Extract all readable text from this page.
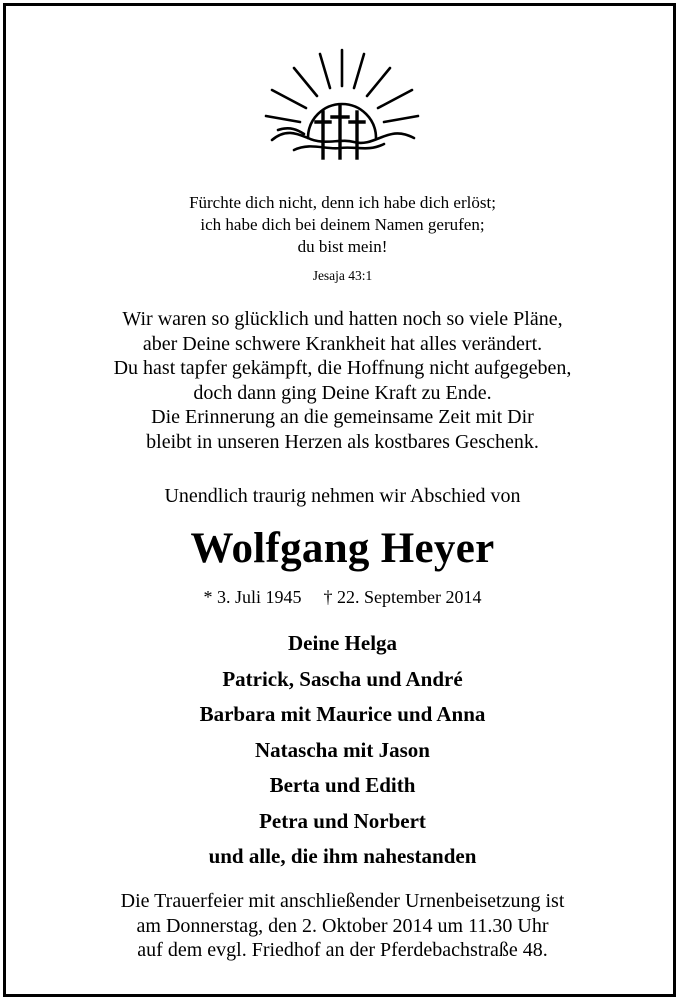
Fürchte dich nicht, denn ich habe dich erlöst;
ich habe dich bei deinem Namen gerufen;
du bist mein!
Jesaja 43:1
Wir waren so glücklich und hatten noch so viele Pläne,
aber Deine schwere Krankheit hat alles verändert.
Du hast tapfer gekämpft, die Hoffnung nicht aufgegeben,
doch dann ging Deine Kraft zu Ende.
Die Erinnerung an die gemeinsame Zeit mit Dir
bleibt in unseren Herzen als kostbares Geschenk.
Unendlich traurig nehmen wir Abschied von
Wolfgang Heyer
* 3. Juli 1945 † 22. September 2014
Deine Helga
Patrick, Sascha und André
Barbara mit Maurice und Anna
Natascha mit Jason
Berta und Edith
Petra und Norbert
und alle, die ihm nahestanden
Die Trauerfeier mit anschließender Urnenbeisetzung ist
am Donnerstag, den 2. Oktober 2014 um 11.30 Uhr
auf dem evgl. Friedhof an der Pferdebachstraße 48.
